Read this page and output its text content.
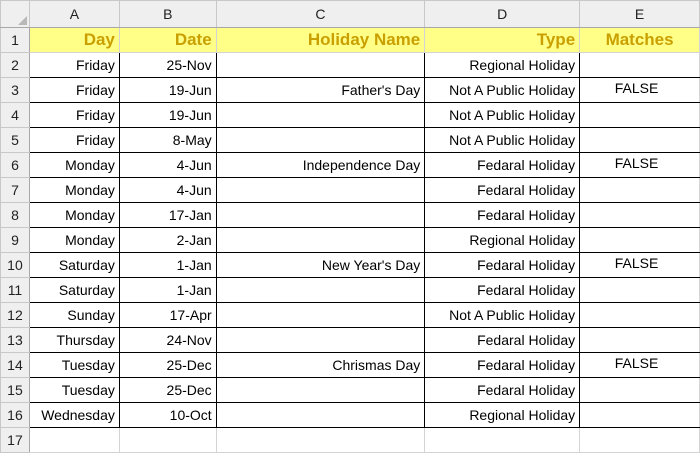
	A	B	C	D	E
1	Day	Date	Holiday Name	Type	Matches
2	Friday	25-Nov		Regional Holiday	
3	Friday	19-Jun	Father's Day	Not A Public Holiday	FALSE
4	Friday	19-Jun		Not A Public Holiday	
5	Friday	8-May		Not A Public Holiday	
6	Monday	4-Jun	Independence Day	Fedaral Holiday	FALSE
7	Monday	4-Jun		Fedaral Holiday	
8	Monday	17-Jan		Fedaral Holiday	
9	Monday	2-Jan		Regional Holiday	
10	Saturday	1-Jan	New Year's Day	Fedaral Holiday	FALSE
11	Saturday	1-Jan		Fedaral Holiday	
12	Sunday	17-Apr		Not A Public Holiday	
13	Thursday	24-Nov		Fedaral Holiday	
14	Tuesday	25-Dec	Chrismas Day	Fedaral Holiday	FALSE
15	Tuesday	25-Dec		Fedaral Holiday	
16	Wednesday	10-Oct		Regional Holiday	
17					
